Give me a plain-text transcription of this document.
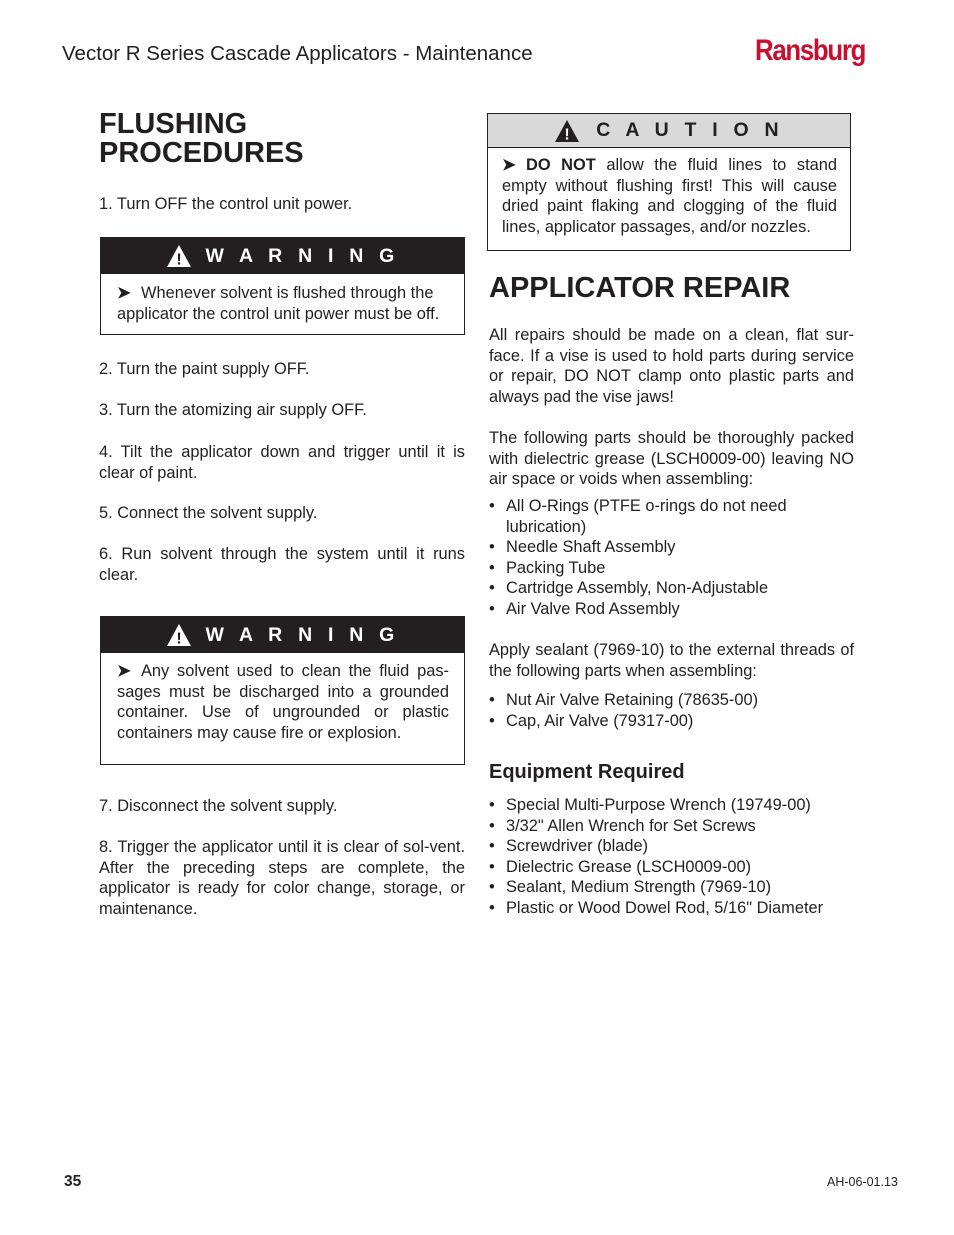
Vector R Series Cascade Applicators - Maintenance	Ransburg
FLUSHING
PROCEDURES

1. Turn OFF the control unit power.

! W A R N I N G
➤ Whenever solvent is flushed through the applicator the control unit power must be off.

2. Turn the paint supply OFF.

3. Turn the atomizing air supply OFF.

4. Tilt the applicator down and trigger until it is clear of paint.

5. Connect the solvent supply.

6. Run solvent through the system until it runs clear.

! W A R N I N G
➤ Any solvent used to clean the fluid pas-sages must be discharged into a grounded container. Use of ungrounded or plastic containers may cause fire or explosion.

7. Disconnect the solvent supply.

8. Trigger the applicator until it is clear of sol-vent. After the preceding steps are complete, the applicator is ready for color change, storage, or maintenance.

! C A U T I O N
➤ DO NOT allow the fluid lines to stand empty without flushing first! This will cause dried paint flaking and clogging of the fluid lines, applicator passages, and/or nozzles.
APPLICATOR REPAIR

All repairs should be made on a clean, flat sur-face. If a vise is used to hold parts during service or repair, DO NOT clamp onto plastic parts and always pad the vise jaws!

The following parts should be thoroughly packed with dielectric grease (LSCH0009-00) leaving NO air space or voids when assembling:

• All O-Rings (PTFE o-rings do not need lubrication)
• Needle Shaft Assembly
• Packing Tube
• Cartridge Assembly, Non-Adjustable
• Air Valve Rod Assembly

Apply sealant (7969-10) to the external threads of the following parts when assembling:

• Nut Air Valve Retaining (78635-00)
• Cap, Air Valve (79317-00)
Equipment Required
• Special Multi-Purpose Wrench (19749-00)
• 3/32" Allen Wrench for Set Screws
• Screwdriver (blade)
• Dielectric Grease (LSCH0009-00)
• Sealant, Medium Strength (7969-10)
• Plastic or Wood Dowel Rod, 5/16" Diameter
35	AH-06-01.13
